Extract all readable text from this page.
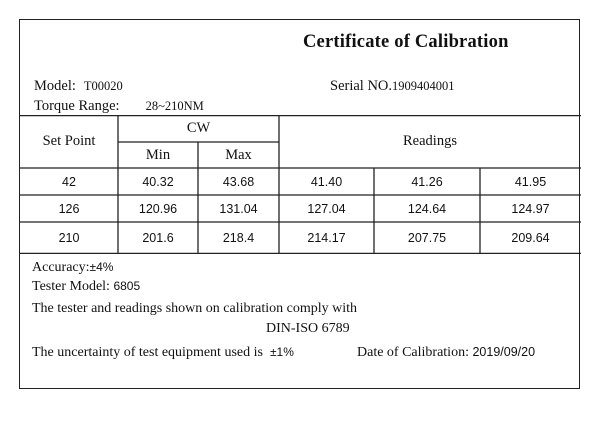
Certificate of Calibration
Model: T00020	Serial NO.1909404001
Torque Range: 28~210NM
Set Point
CW
Min	Max
Readings
42	40.32	43.68	41.40	41.26	41.95
126	120.96	131.04	127.04	124.64	124.97
210	201.6	218.4	214.17	207.75	209.64
Accuracy:±4%
Tester Model: 6805
The tester and readings shown on calibration comply with
DIN-ISO 6789
The uncertainty of test equipment used is ±1%	Date of Calibration: 2019/09/20
